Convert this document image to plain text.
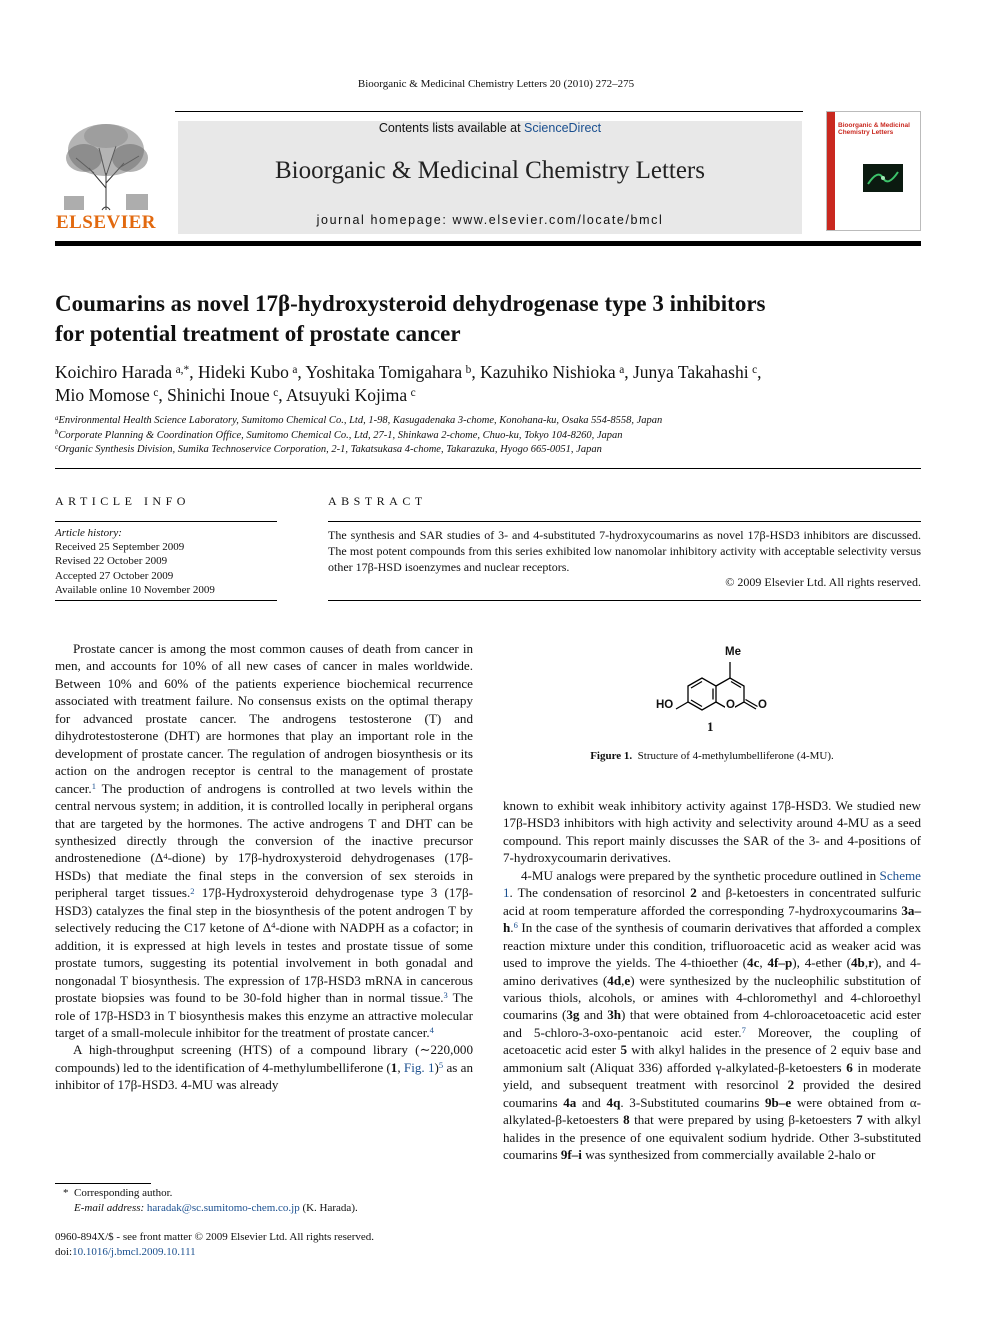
Bioorganic & Medicinal Chemistry Letters 20 (2010) 272–275
ELSEVIER
Contents lists available at ScienceDirect
Bioorganic & Medicinal Chemistry Letters
journal homepage: www.elsevier.com/locate/bmcl
Bioorganic & Medicinal Chemistry Letters
Coumarins as novel 17β-hydroxysteroid dehydrogenase type 3 inhibitors
for potential treatment of prostate cancer
Koichiro Harada  $^{a,*}$, Hideki Kubo  $^a$, Yoshitaka Tomigahara  $^b$, Kazuhiko Nishioka  $^a$, Junya Takahashi  $^c$,
Mio Momose  $^c$, Shinichi Inoue  $^c$, Atsuyuki Kojima  $^c$
$^a$Environmental Health Science Laboratory, Sumitomo Chemical Co., Ltd, 1-98, Kasugadenaka 3-chome, Konohana-ku, Osaka 554-8558, Japan
$^b$Corporate Planning & Coordination Office, Sumitomo Chemical Co., Ltd, 27-1, Shinkawa 2-chome, Chuo-ku, Tokyo 104-8260, Japan
$^c$Organic Synthesis Division, Sumika Technoservice Corporation, 2-1, Takatsukasa 4-chome, Takarazuka, Hyogo 665-0051, Japan
ARTICLE INFO
Article history:
Received 25 September 2009
Revised 22 October 2009
Accepted 27 October 2009
Available online 10 November 2009
ABSTRACT
The synthesis and SAR studies of 3- and 4-substituted 7-hydroxycoumarins as novel 17β-HSD3 inhibitors are discussed. The most potent compounds from this series exhibited low nanomolar inhibitory activity with acceptable selectivity versus other 17β-HSD isoenzymes and nuclear receptors.
© 2009 Elsevier Ltd. All rights reserved.

Prostate cancer is among the most common causes of death from cancer in men, and accounts for 10% of all new cases of cancer in males worldwide. Between 10% and 60% of the patients experience biochemical recurrence associated with treatment failure. No consensus exists on the optimal therapy for advanced prostate cancer. The androgens testosterone (T) and dihydrotestosterone (DHT) are hormones that play an important role in the development of prostate cancer. The regulation of androgen biosynthesis or its action on the androgen receptor is central to the management of prostate cancer.$^1$ The production of androgens is controlled at two levels within the central nervous system; in addition, it is controlled locally in peripheral organs that are targeted by the hormones. The active androgens T and DHT can be synthesized directly through the conversion of the inactive precursor androstenedione $(\Delta^4-dione)$ by 17β-hydroxysteroid dehydrogenases (17β-HSDs) that mediate the final steps in the conversion of sex steroids in peripheral target tissues.$^2$ 17β-Hydroxysteroid dehydrogenase type 3 (17β-HSD3) catalyzes the final step in the biosynthesis of the potent androgen T by selectively reducing the C17 ketone of $\Delta^4$-dione with NADPH as a cofactor; in addition, it is expressed at high levels in testes and prostate tissue of some prostate tumors, suggesting its potential involvement in both gonadal and nongonadal T biosynthesis. The expression of 17β-HSD3 mRNA in cancerous prostate biopsies was found to be 30-fold higher than in normal tissue.$^3$ The role of 17β-HSD3 in T biosynthesis makes this enzyme an attractive molecular target of a small-molecule inhibitor for the treatment of prostate cancer.$^4$

A high-throughput screening (HTS) of a compound library (∼220,000 compounds) led to the identification of 4-methylumbelliferone (1, Fig. 1)$^5$ as an inhibitor of 17β-HSD3. 4-MU was already

Me
HO	O O
1
Figure 1. Structure of 4-methylumbelliferone (4-MU).

known to exhibit weak inhibitory activity against 17β-HSD3. We studied new 17β-HSD3 inhibitors with high activity and selectivity around 4-MU as a seed compound. This report mainly discusses the SAR of the 3- and 4-positions of 7-hydroxycoumarin derivatives.

4-MU analogs were prepared by the synthetic procedure outlined in Scheme 1. The condensation of resorcinol 2 and β-ketoesters in concentrated sulfuric acid at room temperature afforded the corresponding 7-hydroxycoumarins 3a–h.$^6$ In the case of the synthesis of coumarin derivatives that afforded a complex reaction mixture under this condition, trifluoroacetic acid as weaker acid was used to improve the yields. The 4-thioether (4c, 4f–p), 4-ether (4b,r), and 4-amino derivatives (4d,e) were synthesized by the nucleophilic substitution of various thiols, alcohols, or amines with 4-chloromethyl and 4-chloroethyl coumarins (3g and 3h) that were obtained from 4-chloroacetoacetic acid ester and 5-chloro-3-oxo-pentanoic acid ester.$^7$ Moreover, the coupling of acetoacetic acid ester 5 with alkyl halides in the presence of 2 equiv base and ammonium salt (Aliquat 336) afforded γ-alkylated-β-ketoesters 6 in moderate yield, and subsequent treatment with resorcinol 2 provided the desired coumarins 4a and 4q. 3-Substituted coumarins 9b–e were obtained from α-alkylated-β-ketoesters 8 that were prepared by using β-ketoesters 7 with alkyl halides in the presence of one equivalent sodium hydride. Other 3-substituted coumarins 9f–i was synthesized from commercially available 2-halo or

*  Corresponding author.
E-mail address: haradak@sc.sumitomo-chem.co.jp (K. Harada).
0960-894X/$ - see front matter © 2009 Elsevier Ltd. All rights reserved.
doi:10.1016/j.bmcl.2009.10.111
